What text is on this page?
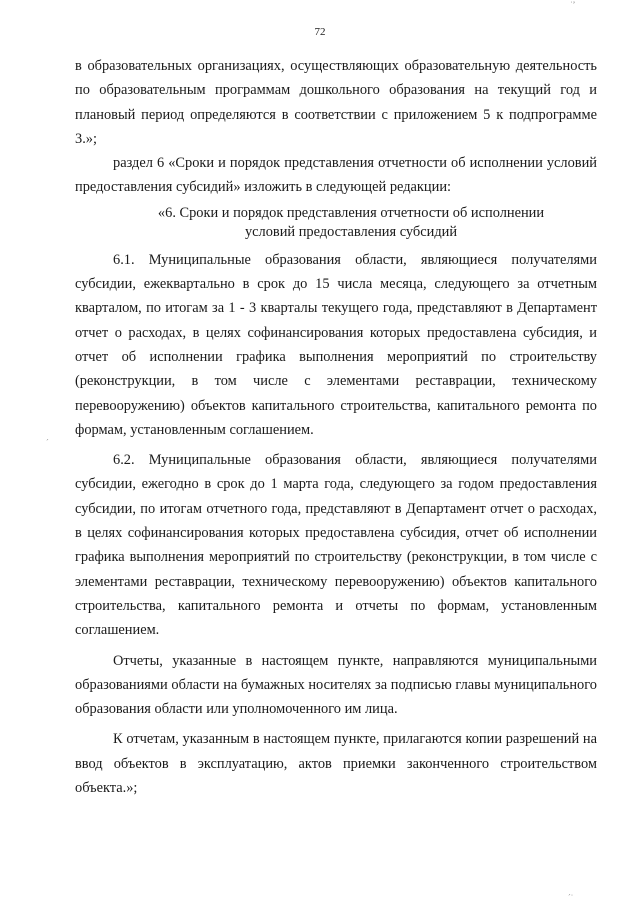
72
˙ʼ
´
ˊ˙

в образовательных организациях, осуществляющих образовательную деятельность по образовательным программам дошкольного образования на текущий год и плановый период определяются в соответствии с приложением 5 к подпрограмме 3.»;

раздел 6 «Сроки и порядок представления отчетности об исполнении условий предоставления субсидий» изложить в следующей редакции:

«6. Сроки и порядок представления отчетности об исполнении
условий предоставления субсидий

6.1. Муниципальные образования области, являющиеся получателями субсидии, ежеквартально в срок до 15 числа месяца, следующего за отчетным кварталом, по итогам за 1 - 3 кварталы текущего года, представляют в Департамент отчет о расходах, в целях софинансирования которых предоставлена субсидия, и отчет об исполнении графика выполнения мероприятий по строительству (реконструкции, в том числе с элементами реставрации, техническому перевооружению) объектов капитального строительства, капитального ремонта по формам, установленным соглашением.

6.2. Муниципальные образования области, являющиеся получателями субсидии, ежегодно в срок до 1 марта года, следующего за годом предоставления субсидии, по итогам отчетного года, представляют в Департамент отчет о расходах, в целях софинансирования которых предоставлена субсидия, отчет об исполнении графика выполнения мероприятий по строительству (реконструкции, в том числе с элементами реставрации, техническому перевооружению) объектов капитального строительства, капитального ремонта и отчеты по формам, установленным соглашением.

Отчеты, указанные в настоящем пункте, направляются муниципальными образованиями области на бумажных носителях за подписью главы муниципального образования области или уполномоченного им лица.

К отчетам, указанным в настоящем пункте, прилагаются копии разрешений на ввод объектов в эксплуатацию, актов приемки законченного строительством объекта.»;
